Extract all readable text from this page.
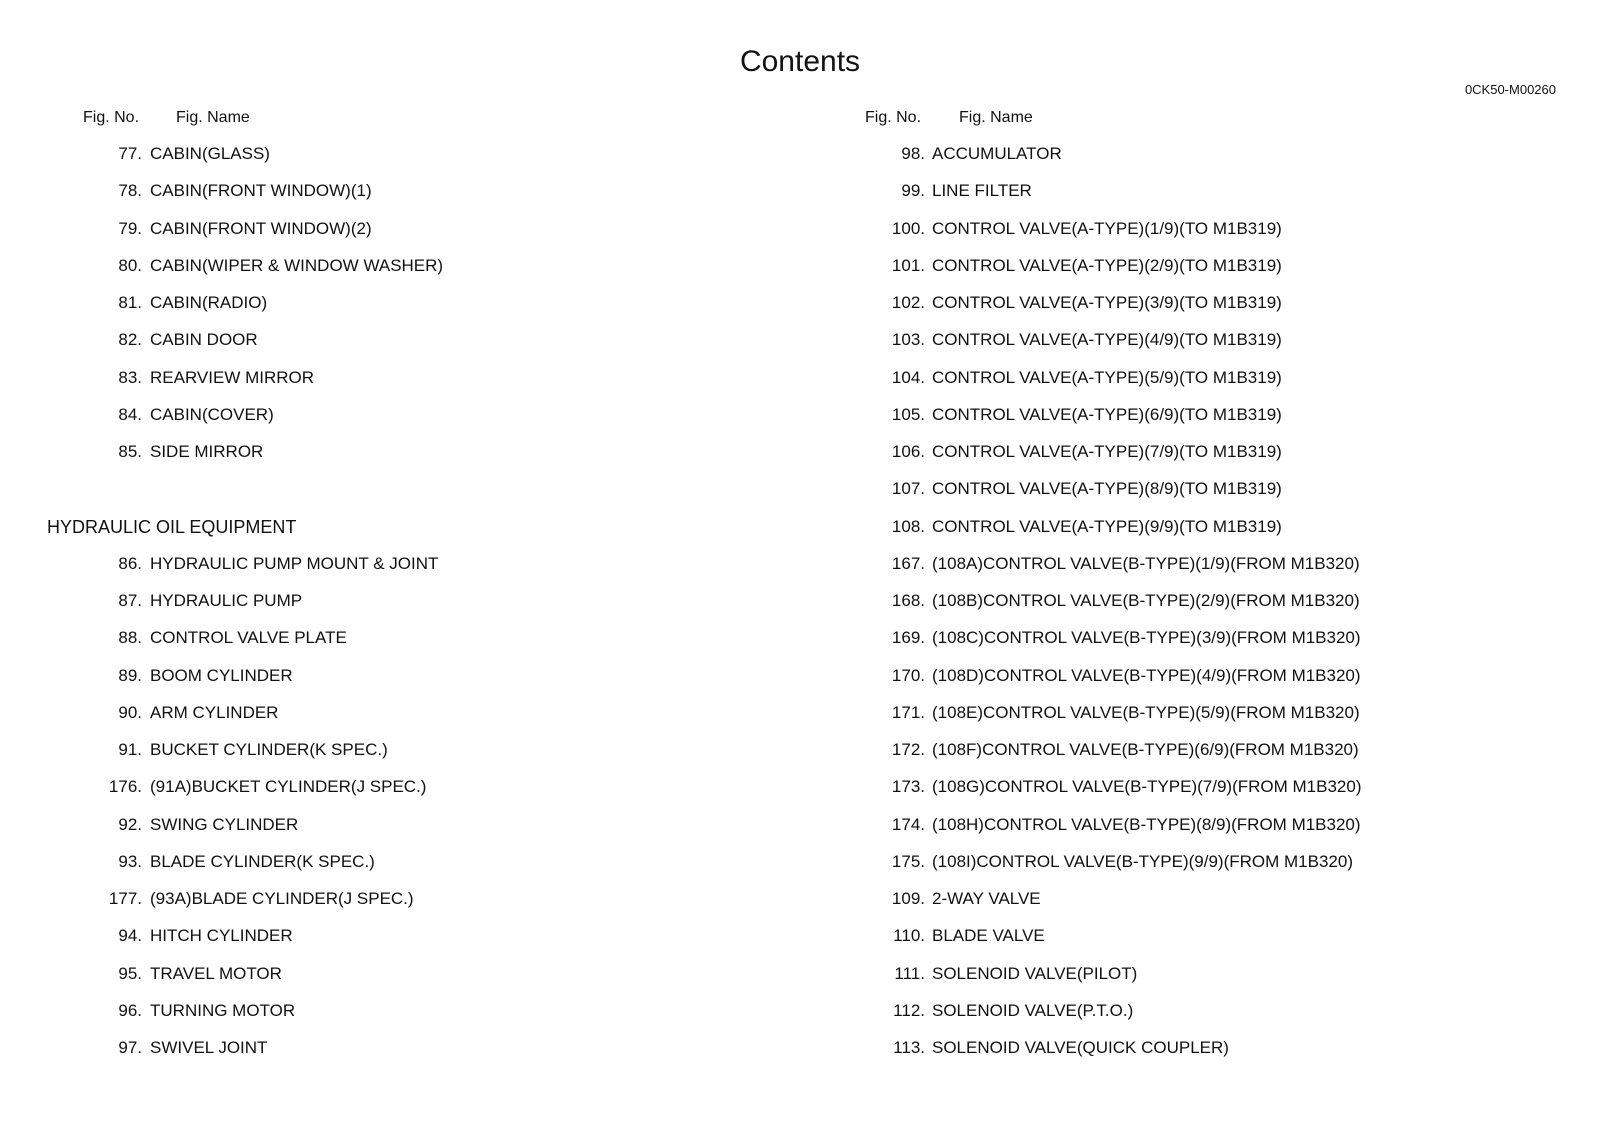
Contents
0CK50-M00260
Fig. No. Fig. Name
77. CABIN(GLASS)
78. CABIN(FRONT WINDOW)(1)
79. CABIN(FRONT WINDOW)(2)
80. CABIN(WIPER & WINDOW WASHER)
81. CABIN(RADIO)
82. CABIN DOOR
83. REARVIEW MIRROR
84. CABIN(COVER)
85. SIDE MIRROR
HYDRAULIC OIL EQUIPMENT
86. HYDRAULIC PUMP MOUNT & JOINT
87. HYDRAULIC PUMP
88. CONTROL VALVE PLATE
89. BOOM CYLINDER
90. ARM CYLINDER
91. BUCKET CYLINDER(K SPEC.)
176. (91A)BUCKET CYLINDER(J SPEC.)
92. SWING CYLINDER
93. BLADE CYLINDER(K SPEC.)
177. (93A)BLADE CYLINDER(J SPEC.)
94. HITCH CYLINDER
95. TRAVEL MOTOR
96. TURNING MOTOR
97. SWIVEL JOINT
Fig. No. Fig. Name
98. ACCUMULATOR
99. LINE FILTER
100. CONTROL VALVE(A-TYPE)(1/9)(TO M1B319)
101. CONTROL VALVE(A-TYPE)(2/9)(TO M1B319)
102. CONTROL VALVE(A-TYPE)(3/9)(TO M1B319)
103. CONTROL VALVE(A-TYPE)(4/9)(TO M1B319)
104. CONTROL VALVE(A-TYPE)(5/9)(TO M1B319)
105. CONTROL VALVE(A-TYPE)(6/9)(TO M1B319)
106. CONTROL VALVE(A-TYPE)(7/9)(TO M1B319)
107. CONTROL VALVE(A-TYPE)(8/9)(TO M1B319)
108. CONTROL VALVE(A-TYPE)(9/9)(TO M1B319)
167. (108A)CONTROL VALVE(B-TYPE)(1/9)(FROM M1B320)
168. (108B)CONTROL VALVE(B-TYPE)(2/9)(FROM M1B320)
169. (108C)CONTROL VALVE(B-TYPE)(3/9)(FROM M1B320)
170. (108D)CONTROL VALVE(B-TYPE)(4/9)(FROM M1B320)
171. (108E)CONTROL VALVE(B-TYPE)(5/9)(FROM M1B320)
172. (108F)CONTROL VALVE(B-TYPE)(6/9)(FROM M1B320)
173. (108G)CONTROL VALVE(B-TYPE)(7/9)(FROM M1B320)
174. (108H)CONTROL VALVE(B-TYPE)(8/9)(FROM M1B320)
175. (108I)CONTROL VALVE(B-TYPE)(9/9)(FROM M1B320)
109. 2-WAY VALVE
110. BLADE VALVE
111. SOLENOID VALVE(PILOT)
112. SOLENOID VALVE(P.T.O.)
113. SOLENOID VALVE(QUICK COUPLER)
